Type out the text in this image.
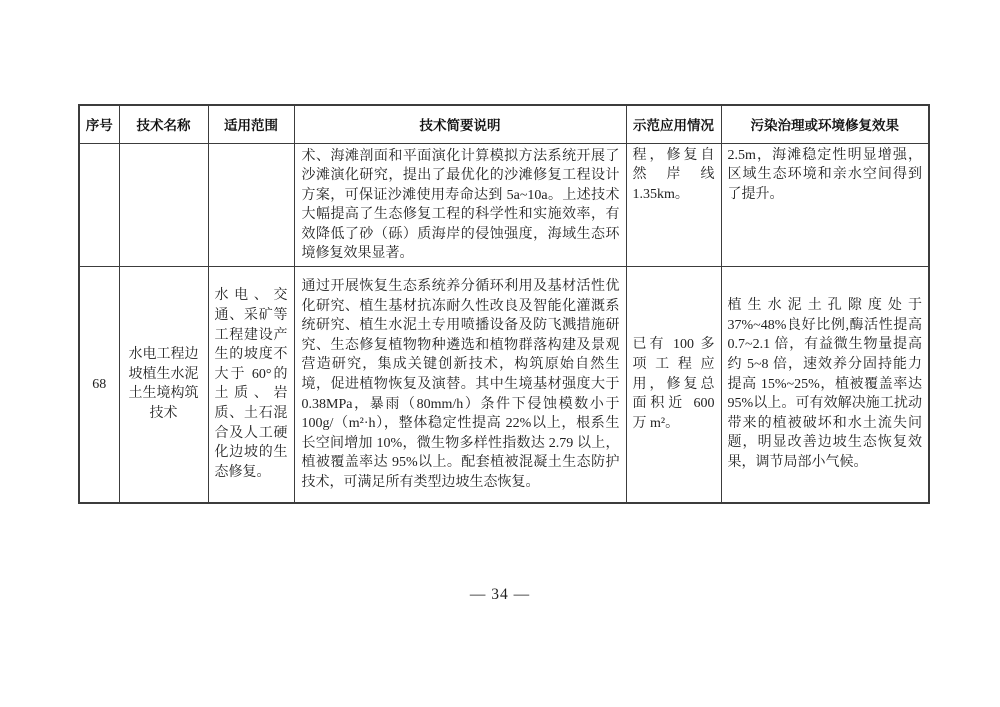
序号	技术名称	适用范围	技术简要说明	示范应用情况	污染治理或环境修复效果
			术、海滩剖面和平面演化计算模拟方法系统开展了沙滩演化研究，提出了最优化的沙滩修复工程设计方案，可保证沙滩使用寿命达到 5a~10a。上述技术大幅提高了生态修复工程的科学性和实施效率，有效降低了砂（砾）质海岸的侵蚀强度，海域生态环境修复效果显著。	程，修复自然岸线 1.35km。	2.5m，海滩稳定性明显增强，区域生态环境和亲水空间得到了提升。
68	水电工程边坡植生水泥土生境构筑技术	水电、交通、采矿等工程建设产生的坡度不大于 60°的土质、岩质、土石混合及人工硬化边坡的生态修复。	通过开展恢复生态系统养分循环利用及基材活性优化研究、植生基材抗冻耐久性改良及智能化灌溉系统研究、植生水泥土专用喷播设备及防飞溅措施研究、生态修复植物物种遴选和植物群落构建及景观营造研究，集成关键创新技术，构筑原始自然生境，促进植物恢复及演替。其中生境基材强度大于 0.38MPa，暴雨（80mm/h）条件下侵蚀模数小于 100g/（m²·h），整体稳定性提高 22%以上，根系生长空间增加 10%，微生物多样性指数达 2.79 以上，植被覆盖率达 95%以上。配套植被混凝土生态防护技术，可满足所有类型边坡生态恢复。	已有 100 多项工程应用，修复总面积近 600 万 m²。	植生水泥土孔隙度处于 37%~48%良好比例,酶活性提高 0.7~2.1 倍，有益微生物量提高约 5~8 倍，速效养分固持能力提高 15%~25%，植被覆盖率达 95%以上。可有效解决施工扰动带来的植被破坏和水土流失问题，明显改善边坡生态恢复效果，调节局部小气候。
— 34 —
